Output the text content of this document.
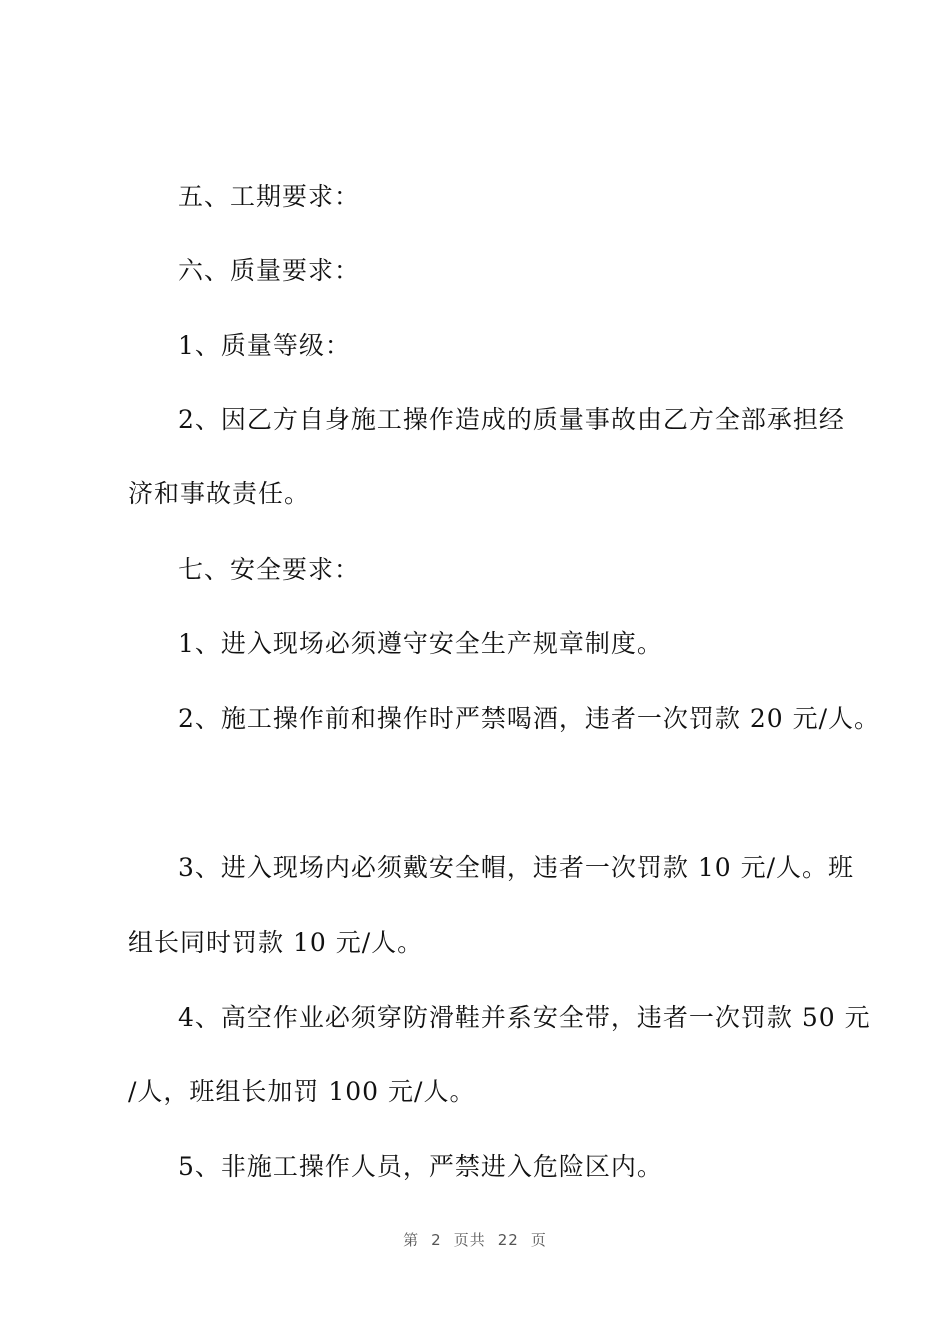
五、工期要求：
六、质量要求：
1、质量等级：
2、因乙方自身施工操作造成的质量事故由乙方全部承担经
济和事故责任。
七、安全要求：
1、进入现场必须遵守安全生产规章制度。
2、施工操作前和操作时严禁喝酒，违者一次罚款 20 元/人。
3、进入现场内必须戴安全帽，违者一次罚款 10 元/人。班
组长同时罚款 10 元/人。
4、高空作业必须穿防滑鞋并系安全带，违者一次罚款 50 元
/人，班组长加罚 100 元/人。
5、非施工操作人员，严禁进入危险区内。
第 2 页共 22 页
